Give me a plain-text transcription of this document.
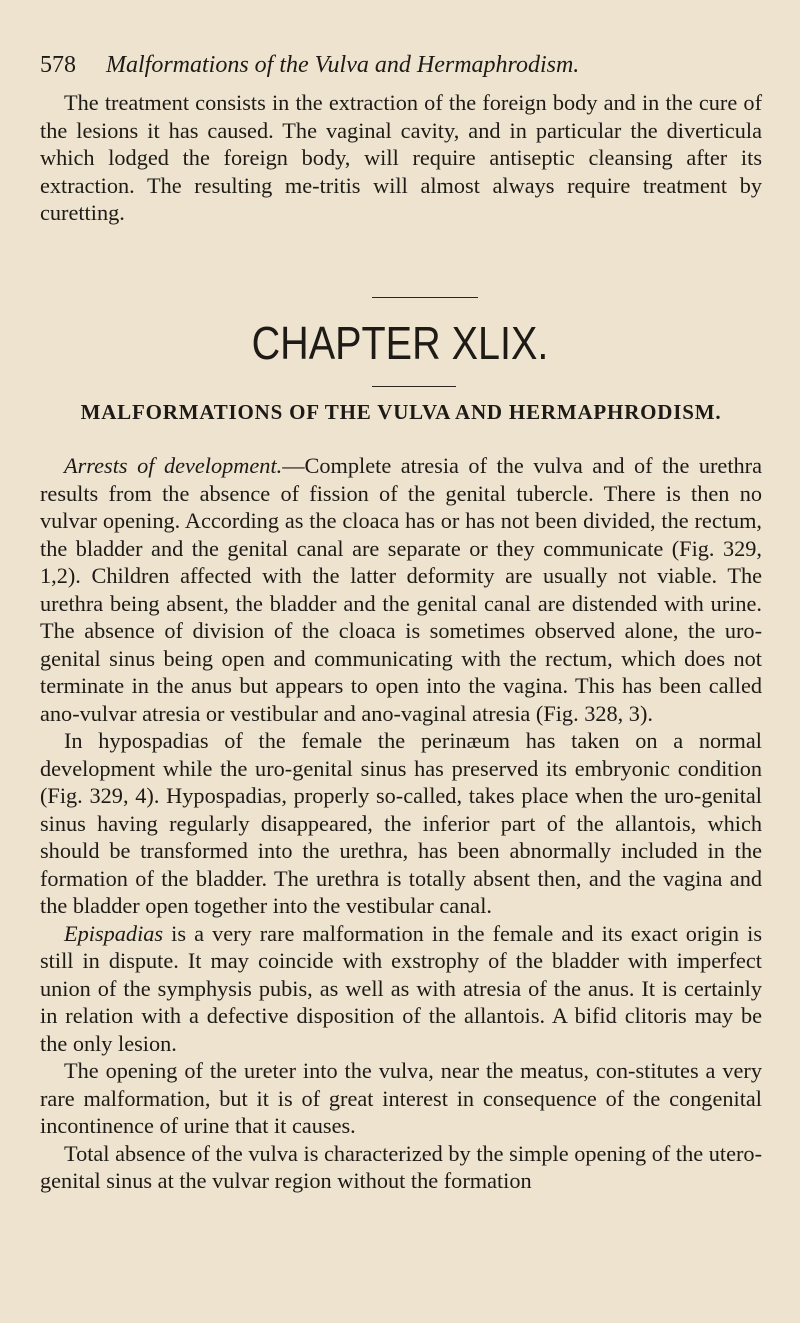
578 Malformations of the Vulva and Hermaphrodism.

The treatment consists in the extraction of the foreign body and in the cure of the lesions it has caused. The vaginal cavity, and in particular the diverticula which lodged the foreign body, will require antiseptic cleansing after its extraction. The resulting me-tritis will almost always require treatment by curetting.

CHAPTER XLIX.
MALFORMATIONS OF THE VULVA AND HERMAPHRODISM.

Arrests of development.—Complete atresia of the vulva and of the urethra results from the absence of fission of the genital tubercle. There is then no vulvar opening. According as the cloaca has or has not been divided, the rectum, the bladder and the genital canal are separate or they communicate (Fig. 329, 1,2). Children affected with the latter deformity are usually not viable. The urethra being absent, the bladder and the genital canal are distended with urine. The absence of division of the cloaca is sometimes observed alone, the uro-genital sinus being open and communicating with the rectum, which does not terminate in the anus but appears to open into the vagina. This has been called ano-vulvar atresia or vestibular and ano-vaginal atresia (Fig. 328, 3).

In hypospadias of the female the perinæum has taken on a normal development while the uro-genital sinus has preserved its embryonic condition (Fig. 329, 4). Hypospadias, properly so-called, takes place when the uro-genital sinus having regularly disappeared, the inferior part of the allantois, which should be transformed into the urethra, has been abnormally included in the formation of the bladder. The urethra is totally absent then, and the vagina and the bladder open together into the vestibular canal.

Epispadias is a very rare malformation in the female and its exact origin is still in dispute. It may coincide with exstrophy of the bladder with imperfect union of the symphysis pubis, as well as with atresia of the anus. It is certainly in relation with a defective disposition of the allantois. A bifid clitoris may be the only lesion.

The opening of the ureter into the vulva, near the meatus, con-stitutes a very rare malformation, but it is of great interest in consequence of the congenital incontinence of urine that it causes.

Total absence of the vulva is characterized by the simple opening of the utero-genital sinus at the vulvar region without the formation
